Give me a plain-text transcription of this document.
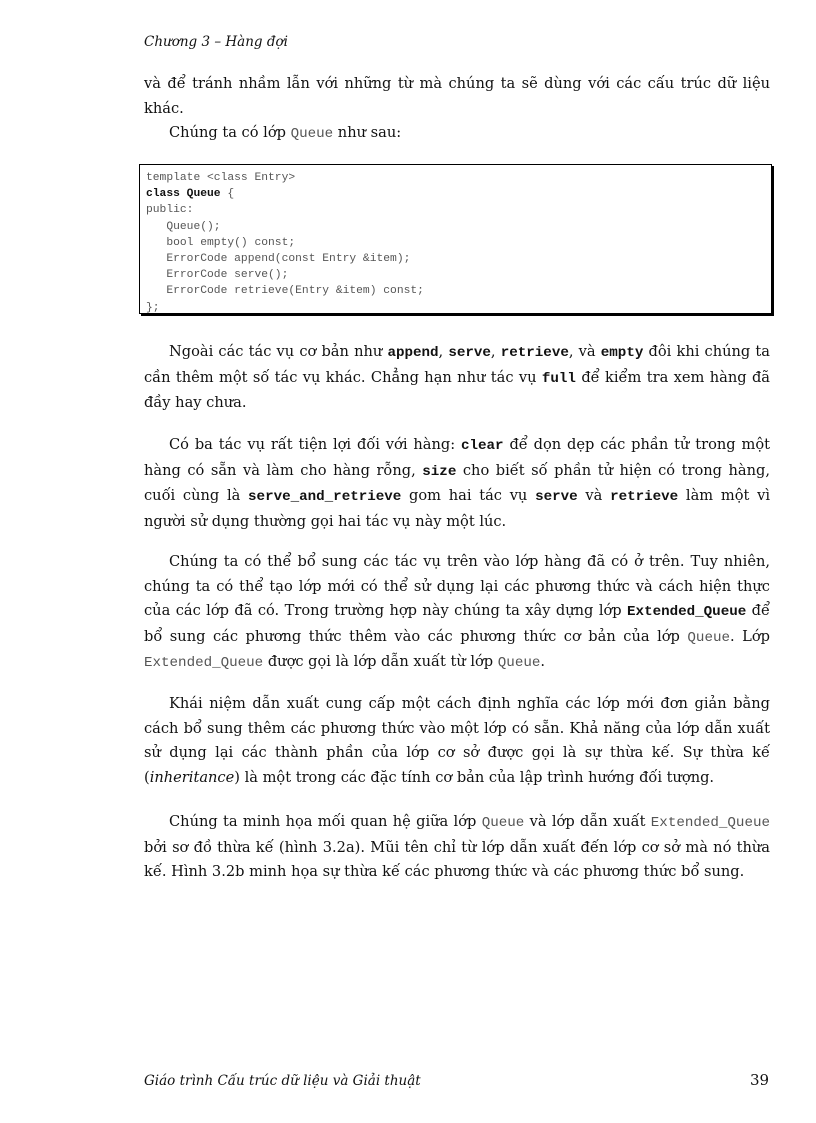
Chương 3 – Hàng đợi

và để tránh nhầm lẫn với những từ mà chúng ta sẽ dùng với các cấu trúc dữ liệu khác.

Chúng ta có lớp Queue như sau:

template <class Entry>
class Queue {
public:
Queue();
bool empty() const;
ErrorCode append(const Entry &item);
ErrorCode serve();
ErrorCode retrieve(Entry &item) const;
};

Ngoài các tác vụ cơ bản như append, serve, retrieve, và empty đôi khi chúng ta cần thêm một số tác vụ khác. Chẳng hạn như tác vụ full để kiểm tra xem hàng đã đầy hay chưa.

Có ba tác vụ rất tiện lợi đối với hàng: clear để dọn dẹp các phần tử trong một hàng có sẵn và làm cho hàng rỗng, size cho biết số phần tử hiện có trong hàng, cuối cùng là serve_and_retrieve gom hai tác vụ serve và retrieve làm một vì người sử dụng thường gọi hai tác vụ này một lúc.

Chúng ta có thể bổ sung các tác vụ trên vào lớp hàng đã có ở trên. Tuy nhiên, chúng ta có thể tạo lớp mới có thể sử dụng lại các phương thức và cách hiện thực của các lớp đã có. Trong trường hợp này chúng ta xây dựng lớp Extended_Queue để bổ sung các phương thức thêm vào các phương thức cơ bản của lớp Queue. Lớp Extended_Queue được gọi là lớp dẫn xuất từ lớp Queue.

Khái niệm dẫn xuất cung cấp một cách định nghĩa các lớp mới đơn giản bằng cách bổ sung thêm các phương thức vào một lớp có sẵn. Khả năng của lớp dẫn xuất sử dụng lại các thành phần của lớp cơ sở được gọi là sự thừa kế. Sự thừa kế (inheritance) là một trong các đặc tính cơ bản của lập trình hướng đối tượng.

Chúng ta minh họa mối quan hệ giữa lớp Queue và lớp dẫn xuất Extended_Queue bởi sơ đồ thừa kế (hình 3.2a). Mũi tên chỉ từ lớp dẫn xuất đến lớp cơ sở mà nó thừa kế. Hình 3.2b minh họa sự thừa kế các phương thức và các phương thức bổ sung.

Giáo trình Cấu trúc dữ liệu và Giải thuật	39
